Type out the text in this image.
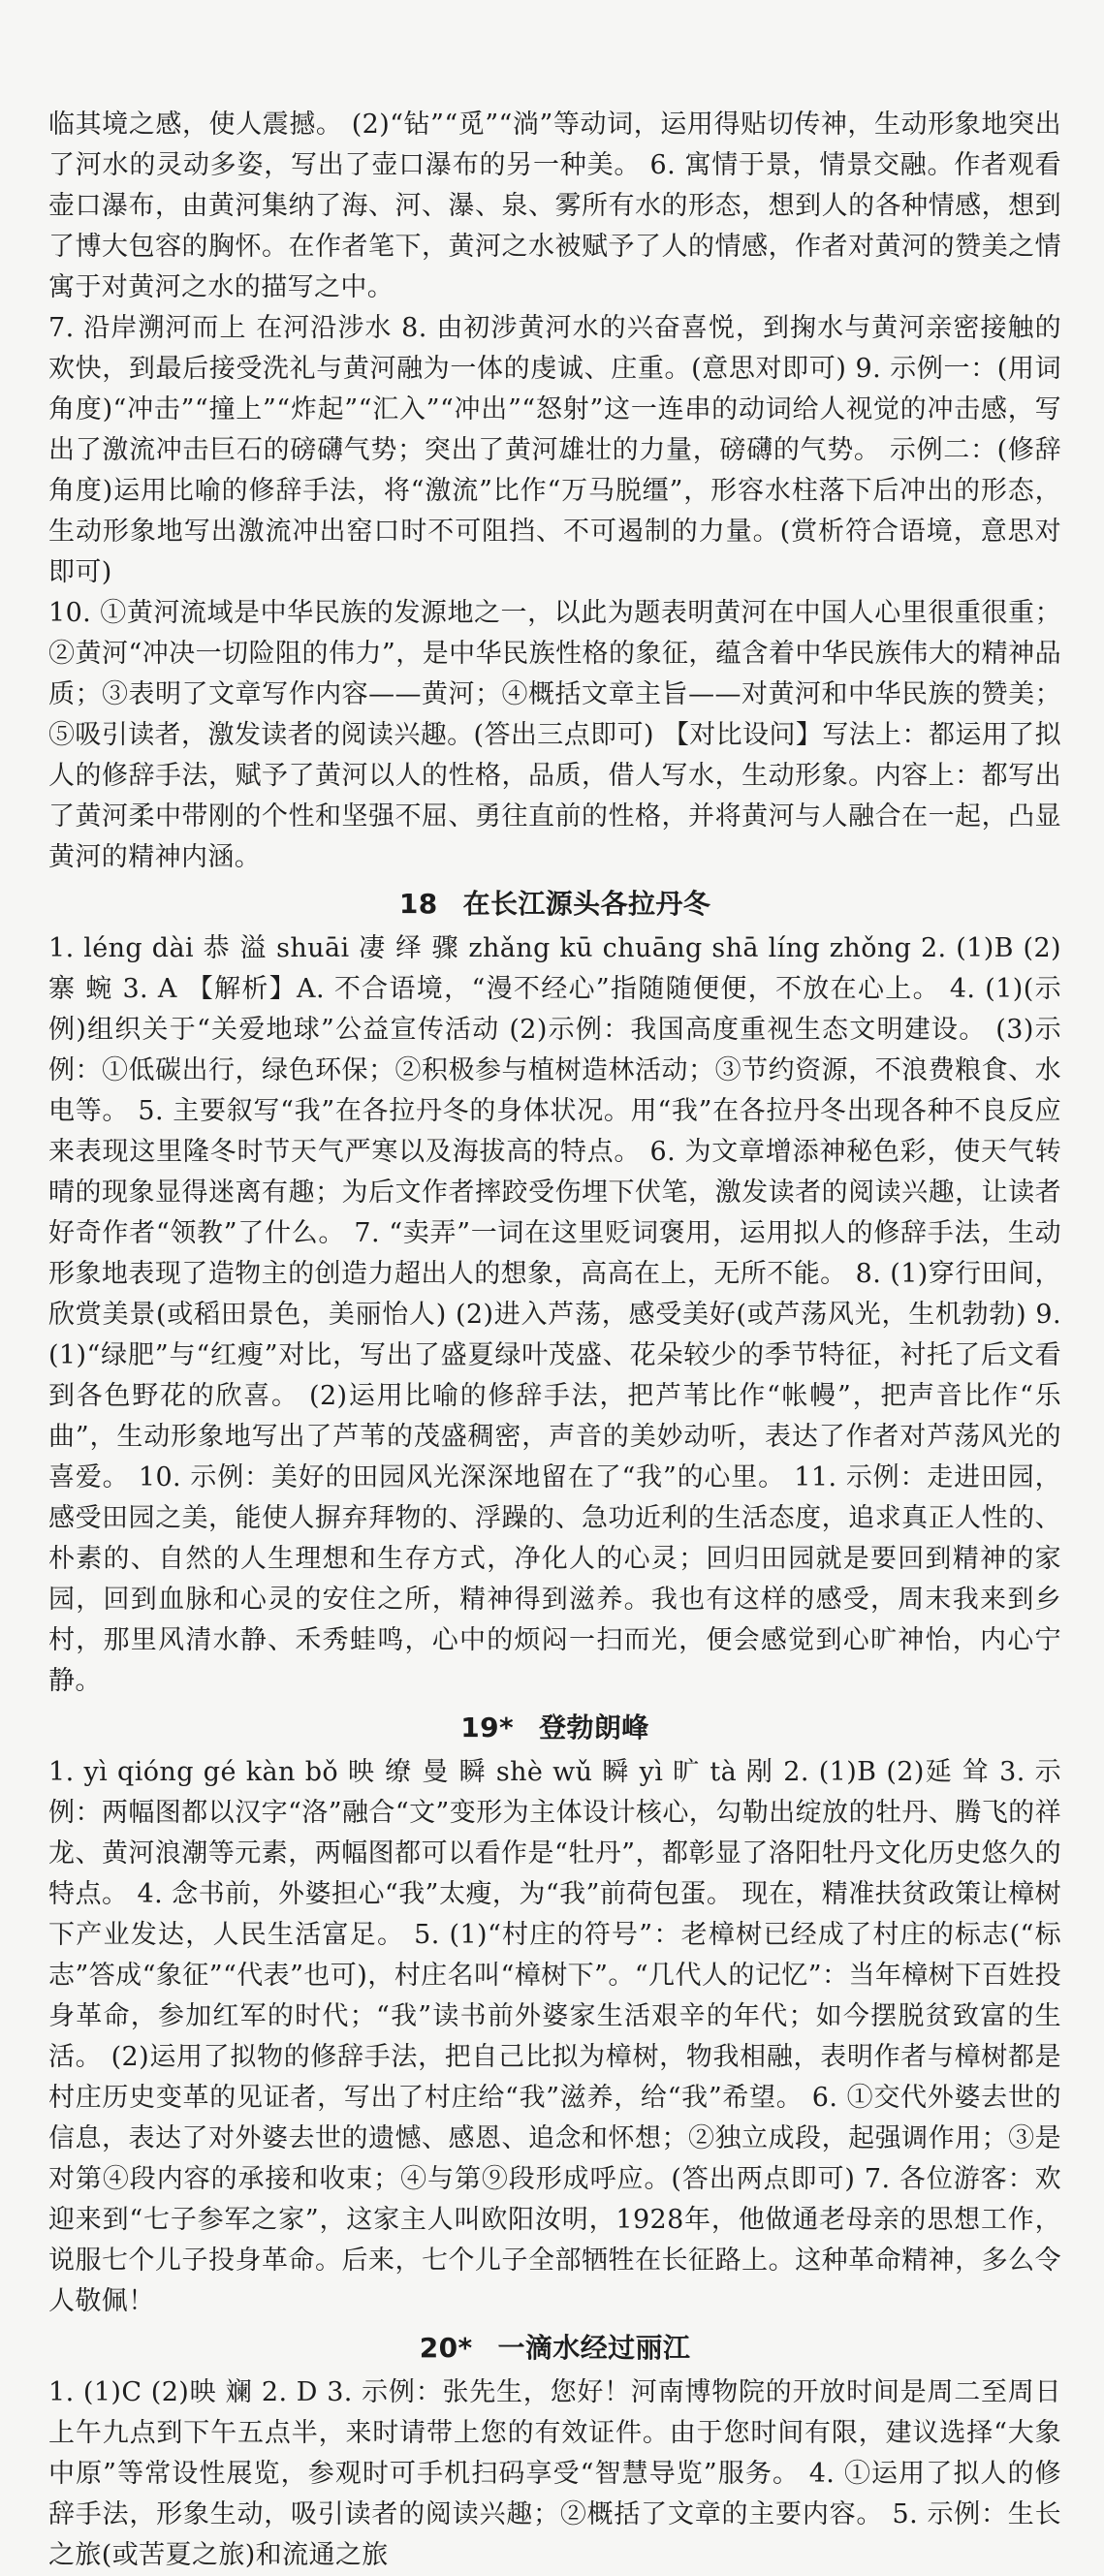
临其境之感，使人震撼。 (2)“钻”“觅”“淌”等动词，运用得贴切传神，生动形象地突出了河水的灵动多姿，写出了壶口瀑布的另一种美。 6. 寓情于景，情景交融。作者观看壶口瀑布，由黄河集纳了海、河、瀑、泉、雾所有水的形态，想到人的各种情感，想到了博大包容的胸怀。在作者笔下，黄河之水被赋予了人的情感，作者对黄河的赞美之情寓于对黄河之水的描写之中。

7. 沿岸溯河而上 在河沿涉水 8. 由初涉黄河水的兴奋喜悦，到掬水与黄河亲密接触的欢快，到最后接受洗礼与黄河融为一体的虔诚、庄重。(意思对即可) 9. 示例一：(用词角度)“冲击”“撞上”“炸起”“汇入”“冲出”“怒射”这一连串的动词给人视觉的冲击感，写出了激流冲击巨石的磅礴气势；突出了黄河雄壮的力量，磅礴的气势。 示例二：(修辞角度)运用比喻的修辞手法，将“激流”比作“万马脱缰”，形容水柱落下后冲出的形态，生动形象地写出激流冲出窑口时不可阻挡、不可遏制的力量。(赏析符合语境，意思对即可)

10. ①黄河流域是中华民族的发源地之一，以此为题表明黄河在中国人心里很重很重；②黄河“冲决一切险阻的伟力”，是中华民族性格的象征，蕴含着中华民族伟大的精神品质；③表明了文章写作内容——黄河；④概括文章主旨——对黄河和中华民族的赞美；⑤吸引读者，激发读者的阅读兴趣。(答出三点即可) 【对比设问】写法上：都运用了拟人的修辞手法，赋予了黄河以人的性格，品质，借人写水，生动形象。内容上：都写出了黄河柔中带刚的个性和坚强不屈、勇往直前的性格，并将黄河与人融合在一起，凸显黄河的精神内涵。

18 在长江源头各拉丹冬

1. léng dài 恭 溢 shuāi 凄 绎 骤 zhǎng kū chuāng shā líng zhǒng 2. (1)B (2)寨 蜿 3. A 【解析】A. 不合语境，“漫不经心”指随随便便，不放在心上。 4. (1)(示例)组织关于“关爱地球”公益宣传活动 (2)示例：我国高度重视生态文明建设。 (3)示例：①低碳出行，绿色环保；②积极参与植树造林活动；③节约资源，不浪费粮食、水电等。 5. 主要叙写“我”在各拉丹冬的身体状况。用“我”在各拉丹冬出现各种不良反应来表现这里隆冬时节天气严寒以及海拔高的特点。 6. 为文章增添神秘色彩，使天气转晴的现象显得迷离有趣；为后文作者摔跤受伤埋下伏笔，激发读者的阅读兴趣，让读者好奇作者“领教”了什么。 7. “卖弄”一词在这里贬词褒用，运用拟人的修辞手法，生动形象地表现了造物主的创造力超出人的想象，高高在上，无所不能。 8. (1)穿行田间，欣赏美景(或稻田景色，美丽怡人) (2)进入芦荡，感受美好(或芦荡风光，生机勃勃) 9. (1)“绿肥”与“红瘦”对比，写出了盛夏绿叶茂盛、花朵较少的季节特征，衬托了后文看到各色野花的欣喜。 (2)运用比喻的修辞手法，把芦苇比作“帐幔”，把声音比作“乐曲”，生动形象地写出了芦苇的茂盛稠密，声音的美妙动听，表达了作者对芦荡风光的喜爱。 10. 示例：美好的田园风光深深地留在了“我”的心里。 11. 示例：走进田园，感受田园之美，能使人摒弃拜物的、浮躁的、急功近利的生活态度，追求真正人性的、朴素的、自然的人生理想和生存方式，净化人的心灵；回归田园就是要回到精神的家园，回到血脉和心灵的安住之所，精神得到滋养。我也有这样的感受，周末我来到乡村，那里风清水静、禾秀蛙鸣，心中的烦闷一扫而光，便会感觉到心旷神怡，内心宁静。

19* 登勃朗峰

1. yì qióng gé kàn bǒ 映 缭 曼 瞬 shè wǔ 瞬 yì 旷 tà 剐 2. (1)B (2)延 耸 3. 示例：两幅图都以汉字“洛”融合“文”变形为主体设计核心，勾勒出绽放的牡丹、腾飞的祥龙、黄河浪潮等元素，两幅图都可以看作是“牡丹”，都彰显了洛阳牡丹文化历史悠久的特点。 4. 念书前，外婆担心“我”太瘦，为“我”前荷包蛋。 现在，精准扶贫政策让樟树下产业发达，人民生活富足。 5. (1)“村庄的符号”：老樟树已经成了村庄的标志(“标志”答成“象征”“代表”也可)，村庄名叫“樟树下”。“几代人的记忆”：当年樟树下百姓投身革命，参加红军的时代；“我”读书前外婆家生活艰辛的年代；如今摆脱贫致富的生活。 (2)运用了拟物的修辞手法，把自己比拟为樟树，物我相融，表明作者与樟树都是村庄历史变革的见证者，写出了村庄给“我”滋养，给“我”希望。 6. ①交代外婆去世的信息，表达了对外婆去世的遗憾、感恩、追念和怀想；②独立成段，起强调作用；③是对第④段内容的承接和收束；④与第⑨段形成呼应。(答出两点即可) 7. 各位游客：欢迎来到“七子参军之家”，这家主人叫欧阳汝明，1928年，他做通老母亲的思想工作，说服七个儿子投身革命。后来，七个儿子全部牺牲在长征路上。这种革命精神，多么令人敬佩！

20* 一滴水经过丽江

1. (1)C (2)映 斓 2. D 3. 示例：张先生，您好！河南博物院的开放时间是周二至周日上午九点到下午五点半，来时请带上您的有效证件。由于您时间有限，建议选择“大象中原”等常设性展览，参观时可手机扫码享受“智慧导览”服务。 4. ①运用了拟人的修辞手法，形象生动，吸引读者的阅读兴趣；②概括了文章的主要内容。 5. 示例：生长之旅(或苦夏之旅)和流通之旅
